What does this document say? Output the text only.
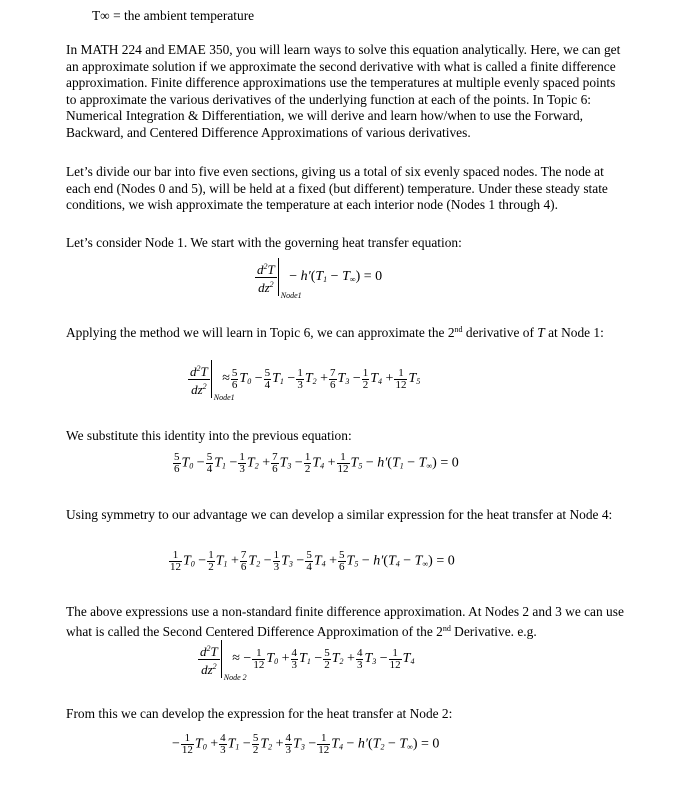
T∞ = the ambient temperature

In MATH 224 and EMAE 350, you will learn ways to solve this equation analytically. Here, we can get an approximate solution if we approximate the second derivative with what is called a finite difference approximation. Finite difference approximations use the temperatures at multiple evenly spaced points to approximate the various derivatives of the underlying function at each of the points. In Topic 6: Numerical Integration & Differentiation, we will derive and learn how/when to use the Forward, Backward, and Centered Difference Approximations of various derivatives.

Let’s divide our bar into five even sections, giving us a total of six evenly spaced nodes. The node at each end (Nodes 0 and 5), will be held at a fixed (but different) temperature. Under these steady state conditions, we wish approximate the temperature at each interior node (Nodes 1 through 4).

Let’s consider Node 1. We start with the governing heat transfer equation:

$\frac{d^2T}{dz^2}$
Node1
− $h'(T_1 - T_\infty) = 0$

Applying the method we will learn in Topic 6, we can approximate the 2nd derivative of T at Node 1:

$\frac{d^2T}{dz^2}$
Node1
≈ $\frac{5}{6} T_0 - \frac{5}{4} T_1 - \frac{1}{3} T_2 + \frac{7}{6} T_3 - \frac{1}{2} T_4 + \frac{1}{12} T_5$

We substitute this identity into the previous equation:

$\frac{5}{6} T_0 - \frac{5}{4} T_1 - \frac{1}{3} T_2 + \frac{7}{6} T_3 - \frac{1}{2} T_4 + \frac{1}{12} T_5 - h'(T_1 - T_\infty) = 0$

Using symmetry to our advantage we can develop a similar expression for the heat transfer at Node 4:

$\frac{1}{12} T_0 - \frac{1}{2} T_1 + \frac{7}{6} T_2 - \frac{1}{3} T_3 - \frac{5}{4} T_4 + \frac{5}{6} T_5 - h'(T_4 - T_\infty) = 0$

The above expressions use a non-standard finite difference approximation. At Nodes 2 and 3 we can use what is called the Second Centered Difference Approximation of the 2nd Derivative. e.g.

$\frac{d^2T}{dz^2}$
Node 2
≈ − $\frac{1}{12} T_0 + \frac{4}{3} T_1 - \frac{5}{2} T_2 + \frac{4}{3} T_3 - \frac{1}{12} T_4$

From this we can develop the expression for the heat transfer at Node 2:

− $\frac{1}{12} T_0 + \frac{4}{3} T_1 - \frac{5}{2} T_2 + \frac{4}{3} T_3 - \frac{1}{12} T_4 - h'(T_2 - T_\infty) = 0$
